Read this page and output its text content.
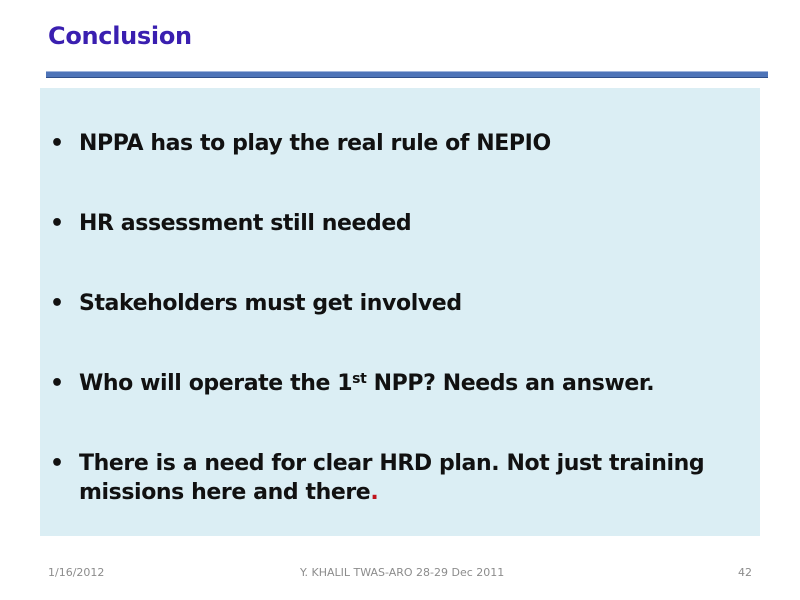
Conclusion
• NPPA has to play the real rule of NEPIO
• HR assessment still needed
• Stakeholders must get involved
• Who will operate the 1st NPP? Needs an answer.
• There is a need for clear HRD plan. Not just training missions here and there.
1/16/2012	Y. KHALIL TWAS-ARO 28-29 Dec 2011	42
